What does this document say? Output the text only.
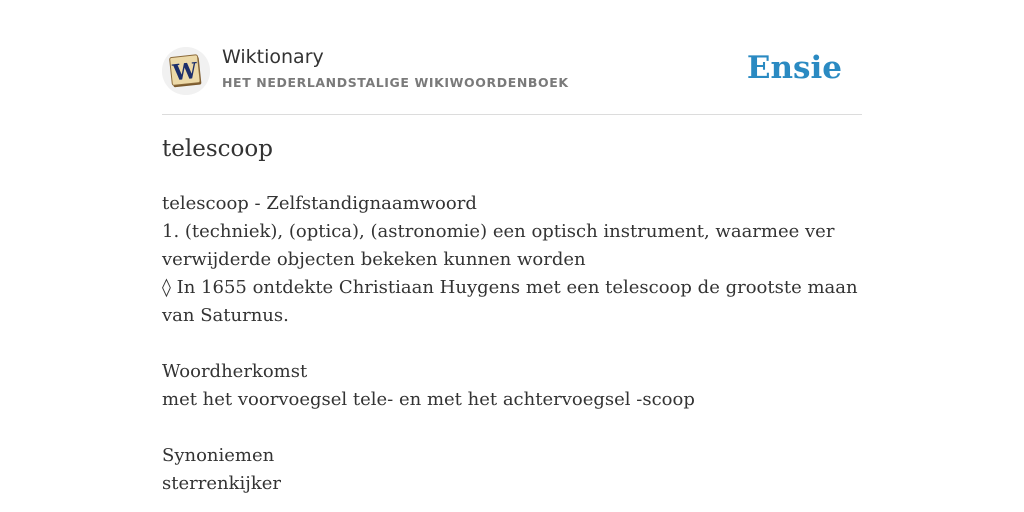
W
Wiktionary
HET NEDERLANDSTALIGE WIKIWOORDENBOEK	Ensie
telescoop

telescoop - Zelfstandignaamwoord

1. (techniek), (optica), (astronomie) een optisch instrument, waarmee ver verwijderde objecten bekeken kunnen worden

◊ In 1655 ontdekte Christiaan Huygens met een telescoop de grootste maan van Saturnus.

Woordherkomst

met het voorvoegsel tele- en met het achtervoegsel -scoop

Synoniemen

sterrenkijker
